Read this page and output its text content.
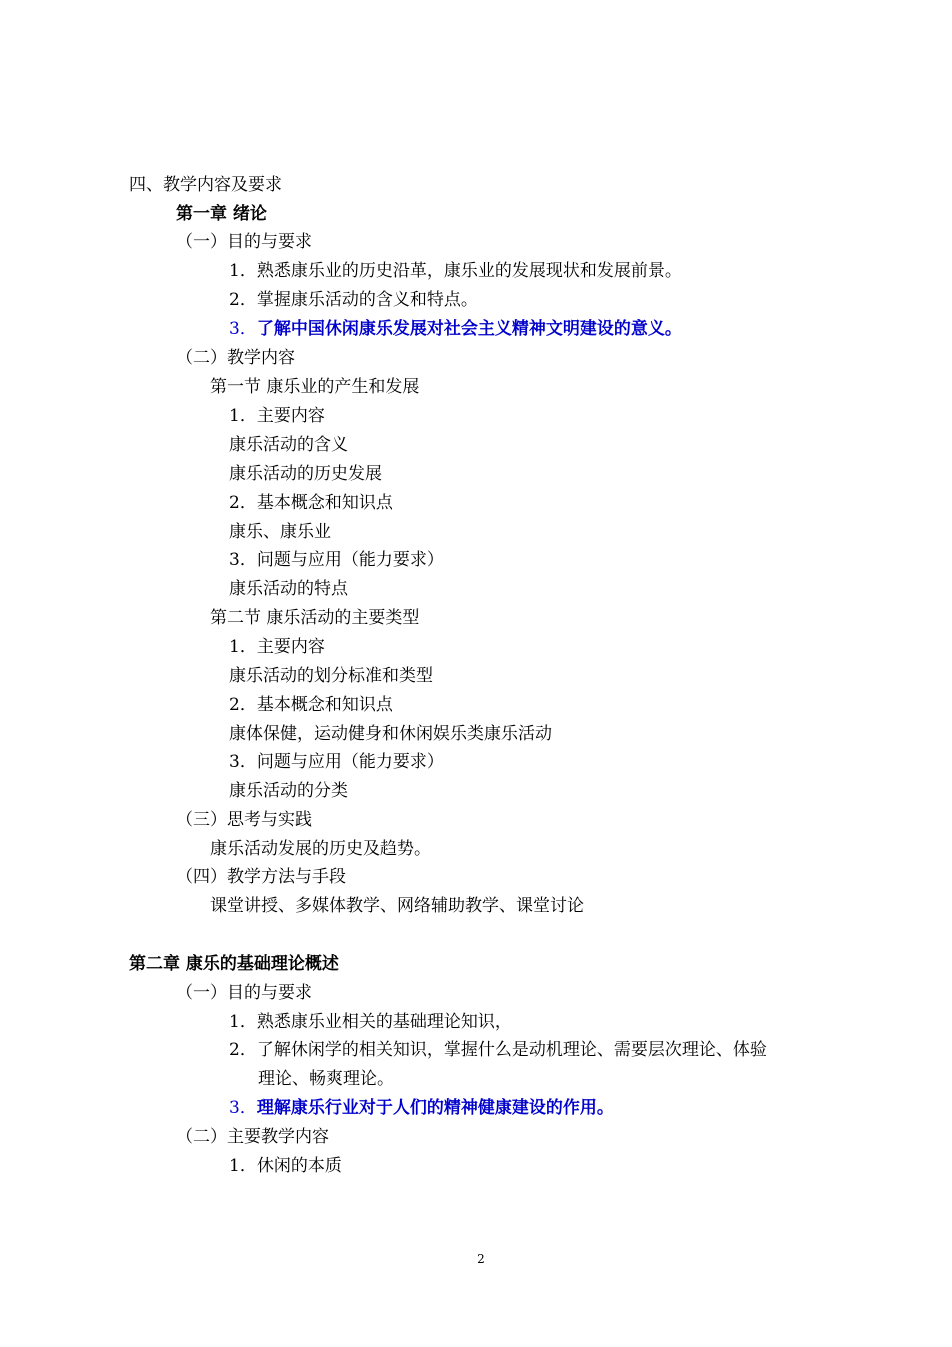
四、教学内容及要求
第一章 绪论
（一）目的与要求
1．熟悉康乐业的历史沿革，康乐业的发展现状和发展前景。
2．掌握康乐活动的含义和特点。
3．了解中国休闲康乐发展对社会主义精神文明建设的意义。
（二）教学内容
第一节 康乐业的产生和发展
1．主要内容
康乐活动的含义
康乐活动的历史发展
2．基本概念和知识点
康乐、康乐业
3．问题与应用（能力要求）
康乐活动的特点
第二节 康乐活动的主要类型
1．主要内容
康乐活动的划分标准和类型
2．基本概念和知识点
康体保健，运动健身和休闲娱乐类康乐活动
3．问题与应用（能力要求）
康乐活动的分类
（三）思考与实践
康乐活动发展的历史及趋势。
（四）教学方法与手段
课堂讲授、多媒体教学、网络辅助教学、课堂讨论
第二章 康乐的基础理论概述
（一）目的与要求
1．熟悉康乐业相关的基础理论知识，
2．了解休闲学的相关知识，掌握什么是动机理论、需要层次理论、体验
理论、畅爽理论。
3．理解康乐行业对于人们的精神健康建设的作用。
（二）主要教学内容
1．休闲的本质
2
